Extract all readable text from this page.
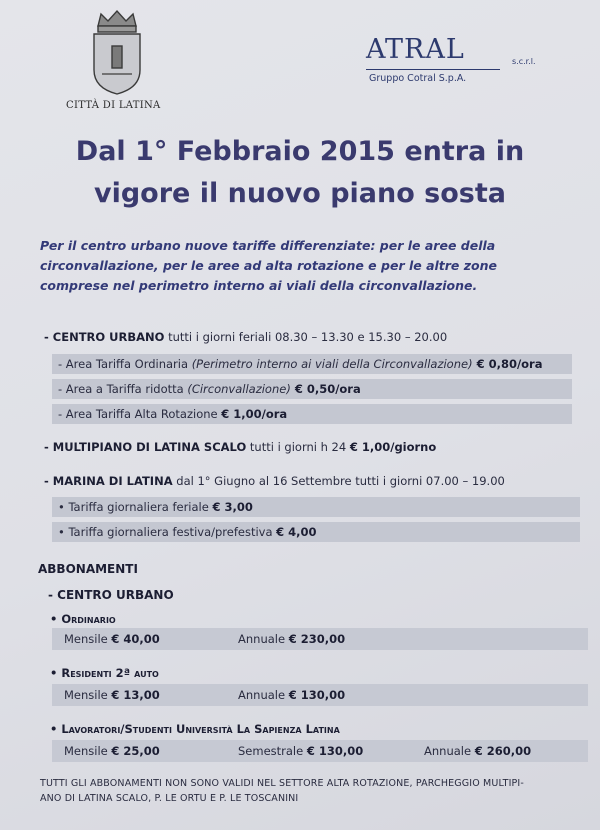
CITTÀ DI LATINA
ATRAL	s.c.r.l.
Gruppo Cotral S.p.A.
Dal 1° Febbraio 2015 entra in
vigore il nuovo piano sosta
Per il centro urbano nuove tariffe differenziate: per le aree della
circonvallazione, per le aree ad alta rotazione e per le altre zone
comprese nel perimetro interno ai viali della circonvallazione.
- CENTRO URBANO tutti i giorni feriali 08.30 – 13.30 e 15.30 – 20.00
- Area Tariffa Ordinaria (Perimetro interno ai viali della Circonvallazione) € 0,80/ora
- Area a Tariffa ridotta (Circonvallazione) € 0,50/ora
- Area Tariffa Alta Rotazione € 1,00/ora
- MULTIPIANO DI LATINA SCALO tutti i giorni h 24 € 1,00/giorno
- MARINA DI LATINA dal 1° Giugno al 16 Settembre tutti i giorni 07.00 – 19.00
• Tariffa giornaliera feriale € 3,00
• Tariffa giornaliera festiva/prefestiva € 4,00
ABBONAMENTI
- CENTRO URBANO
• Ordinario
Mensile € 40,00	Annuale € 230,00
• Residenti 2ª auto
Mensile € 13,00	Annuale € 130,00
• Lavoratori/Studenti Università La Sapienza Latina
Mensile € 25,00	Semestrale € 130,00	Annuale € 260,00
TUTTI GLI ABBONAMENTI NON SONO VALIDI NEL SETTORE ALTA ROTAZIONE, PARCHEGGIO MULTIPI-
ANO DI LATINA SCALO, P. LE ORTU E P. LE TOSCANINI
